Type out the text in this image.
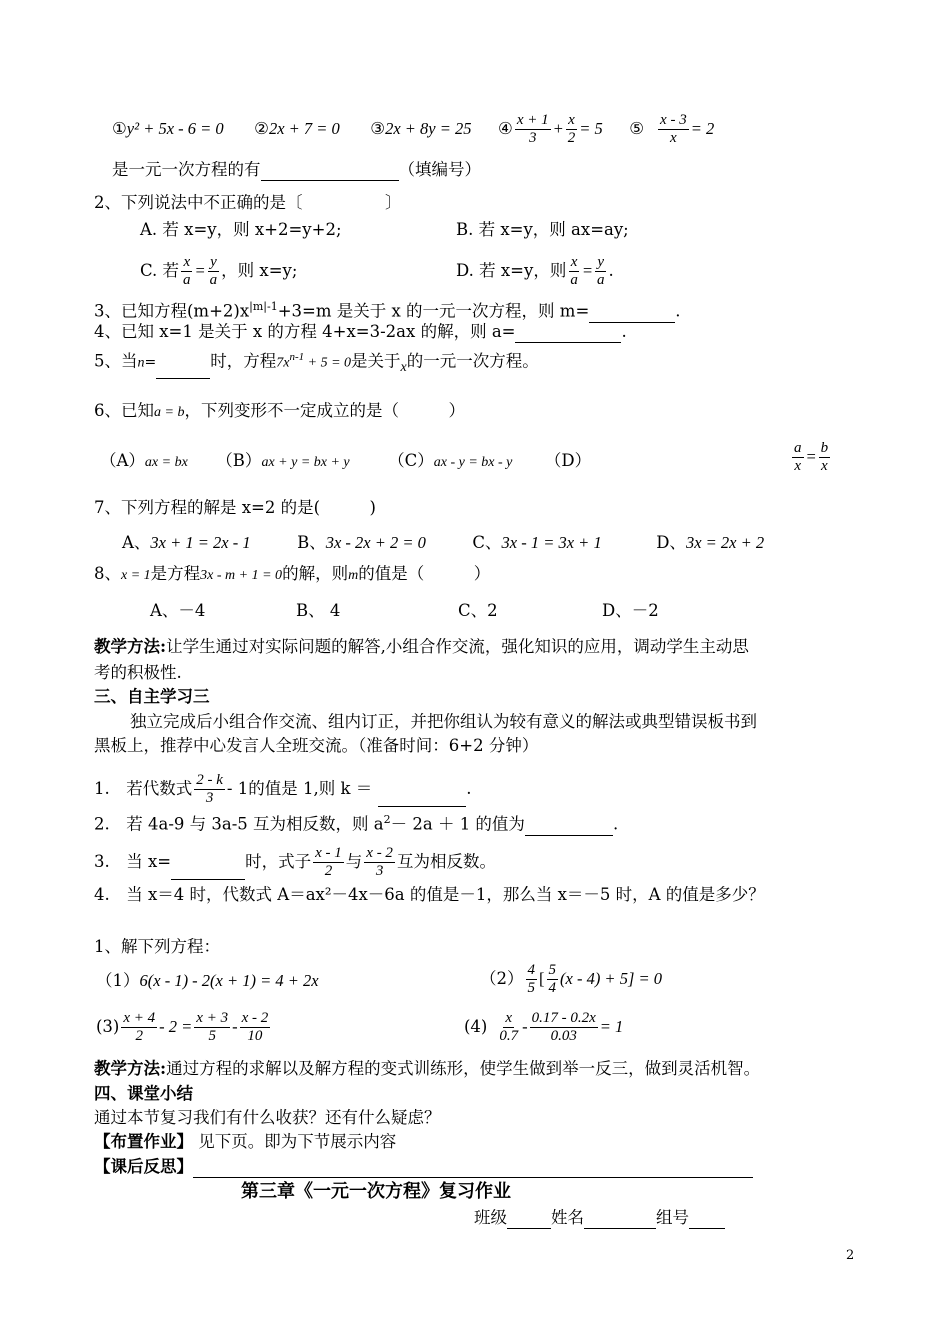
①y² + 5x - 6 = 0 ②2x + 7 = 0 ③2x + 8y = 25 ④ $\frac{x + 1}{3} + \frac{x}{2} = 5$ ⑤ $\frac{x - 3}{x} = 2$
是一元一次方程的有	（填编号）
2、下列说法中不正确的是〔　　　　　〕
A. 若 x=y，则 x+2=y+2;	B. 若 x=y，则 ax=ay;
C. 若 $\frac{x}{a} = \frac{y}{a}$ ，则 x=y;	D. 若 x=y，则 $\frac{x}{a} = \frac{y}{a}$ .
3、已知方程$(m+2)x^{|m|-1}+3=m$ 是关于 x 的一元一次方程，则 m=	.
4、已知 x=1 是关于 x 的方程 4+x=3-2ax 的解，则 a=	.
5、当n=	时，方程$7x^{n-1} + 5 = 0$是关于$_x$的一元一次方程。
6、已知a = b，下列变形不一定成立的是（　　　）
（A）ax = bx （B）ax + y = bx + y （C）ax - y = bx - y （D）	$\frac{a}{x} = \frac{b}{x}$
7、下列方程的解是 x=2 的是(　　　)
A、3x + 1 = 2x - 1	B、3x - 2x + 2 = 0	C、3x - 1 = 3x + 1	D、3x = 2x + 2
8、x = 1是方程3x - m + 1 = 0的解，则m的值是（　　　）
A、－4	B、 4	C、2	D、－2
教学方法:让学生通过对实际问题的解答,小组合作交流，强化知识的应用，调动学生主动思
考的积极性.
三、自主学习三
独立完成后小组合作交流、组内订正，并把你组认为较有意义的解法或典型错误板书到
黑板上，推荐中心发言人全班交流。（准备时间：6+2 分钟）
1.　若代数式 $\frac{2 - k}{3} - 1$的值是 1,则 k ＝	.
2.　若 4a-9 与 3a-5 互为相反数，则 $a^2- 2a + 1$ 的值为	.
3.　当 x=	时，式子 $\frac{x - 1}{2}$ 与 $\frac{x - 2}{3}$ 互为相反数。
4.　当 x＝4 时，代数式 A＝ax²－4x－6a 的值是－1，那么当 x＝－5 时，A 的值是多少？
1、解下列方程：
（1）6(x - 1) - 2(x + 1) = 4 + 2x	$(2) \frac{4}{5}$ [ $\frac{5}{4} (x - 4) + 5] = 0$
$(3) \frac{x + 4}{2} - 2 = \frac{x + 3}{5} - \frac{x - 2}{10}$	$(4) \frac{x}{0.7} - \frac{0.17 - 0.2x}{0.03} = 1$
教学方法:通过方程的求解以及解方程的变式训练形，使学生做到举一反三，做到灵活机智。
四、课堂小结
通过本节复习我们有什么收获？还有什么疑虑？
【布置作业】 见下页。即为下节展示内容
【课后反思】
第三章《一元一次方程》复习作业
班级	姓名	组号
2
